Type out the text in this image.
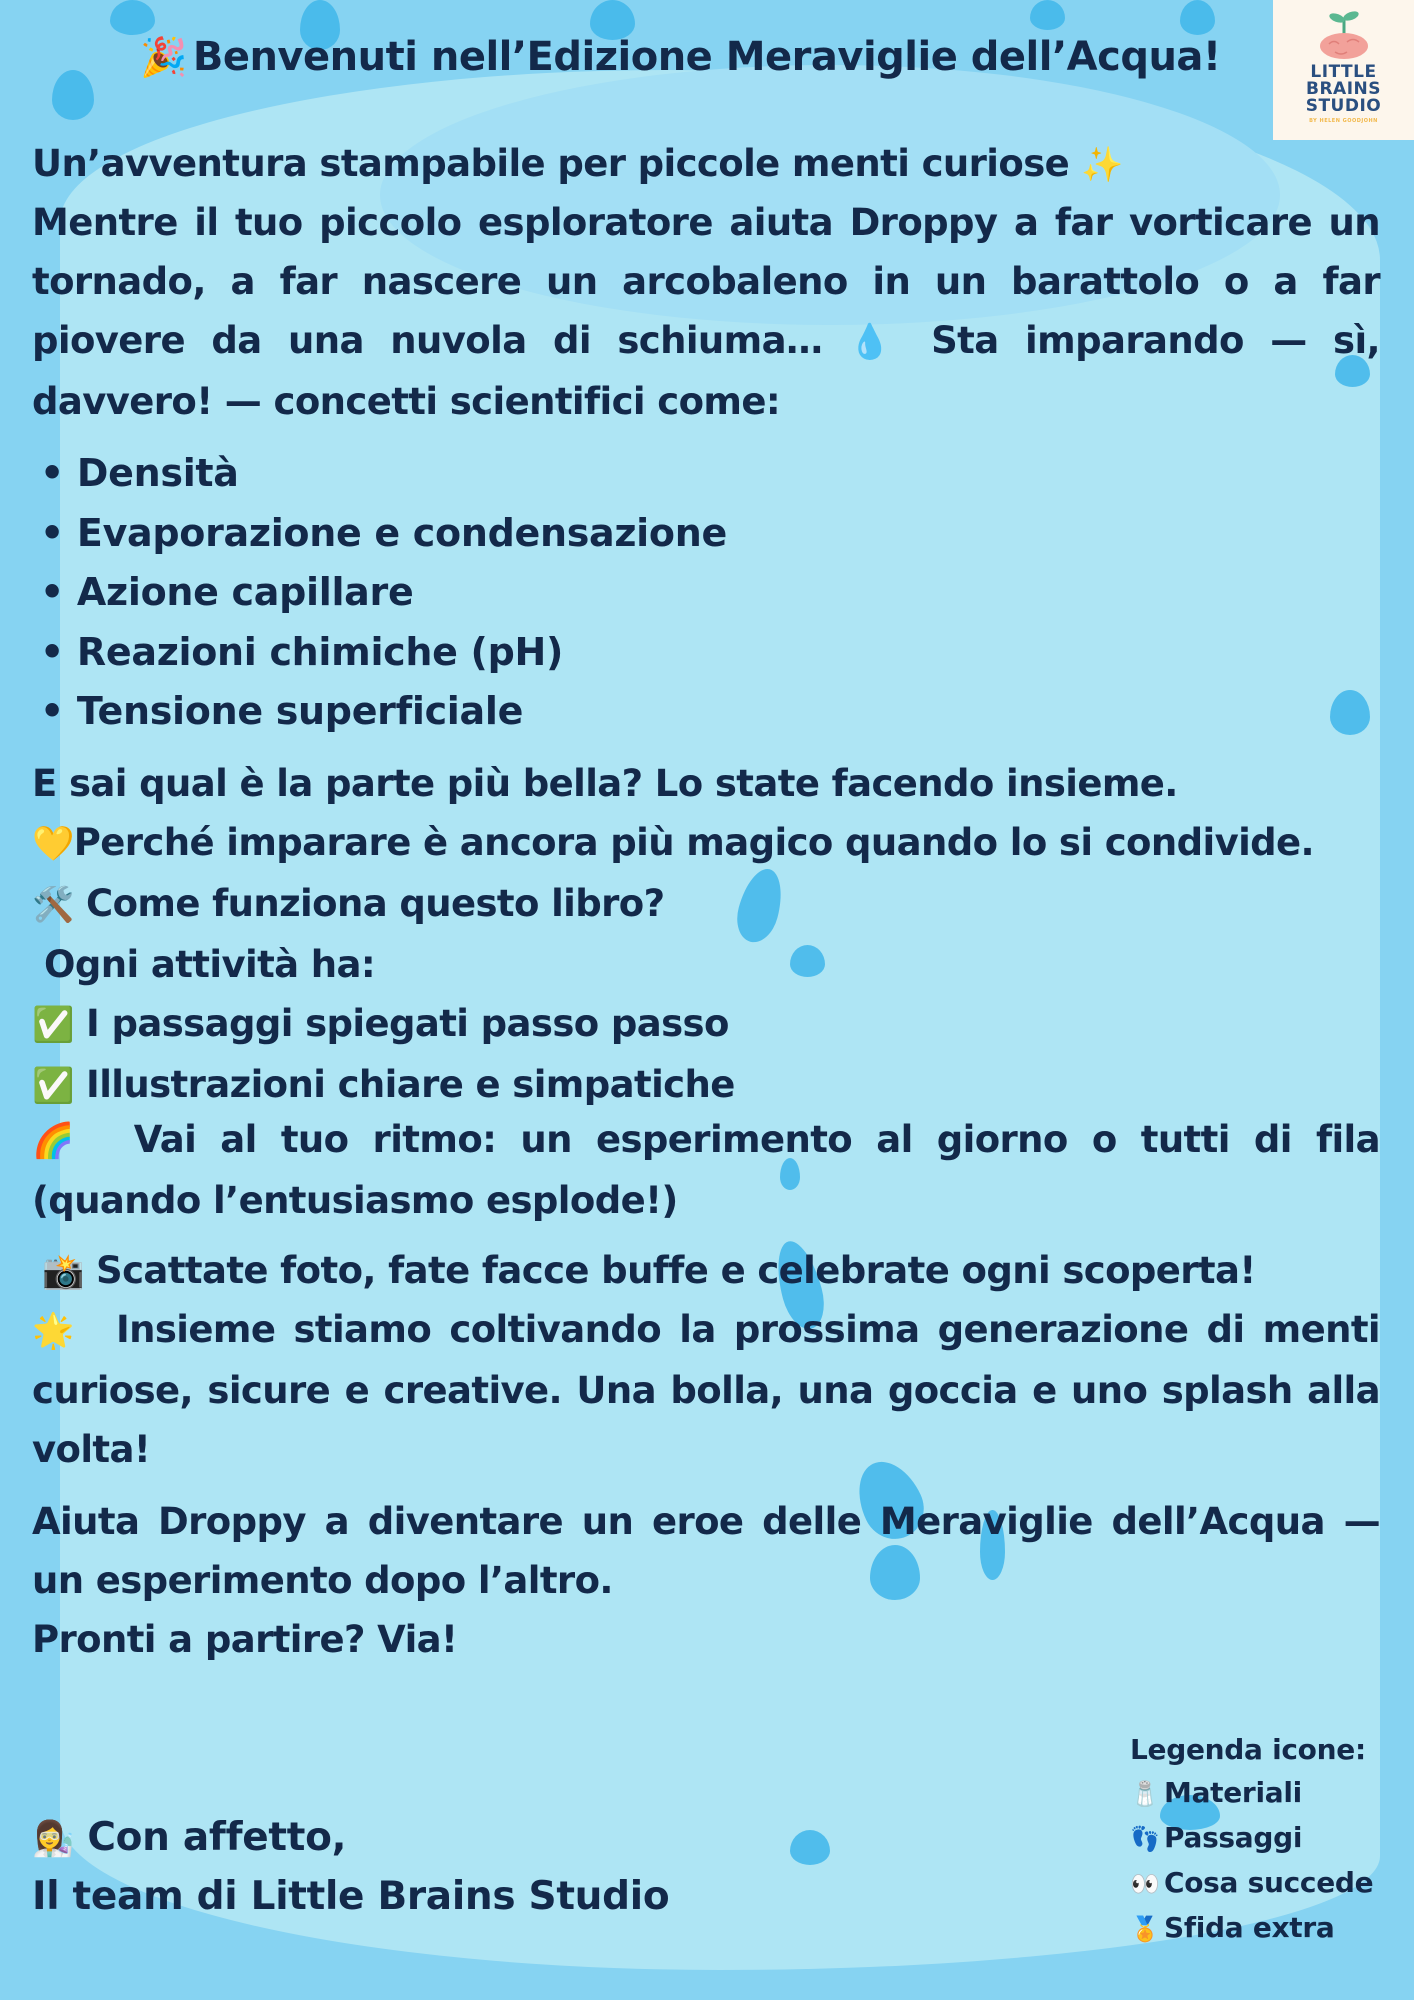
LITTLE
BRAINS
STUDIO
BY HELEN GOODJOHN
🎉 Benvenuti nell’Edizione Meraviglie dell’Acqua!
Un’avventura stampabile per piccole menti curiose ✨
Mentre il tuo piccolo esploratore aiuta Droppy a far vorticare un tornado, a far nascere un arcobaleno in un barattolo o a far piovere da una nuvola di schiuma… 💧 Sta imparando — sì, davvero! — concetti scientifici come:
• Densità
• Evaporazione e condensazione
• Azione capillare
• Reazioni chimiche (pH)
• Tensione superficiale
E sai qual è la parte più bella? Lo state facendo insieme.
💛Perché imparare è ancora più magico quando lo si condivide.
🛠️ Come funziona questo libro?
Ogni attività ha:
✅ I passaggi spiegati passo passo
✅ Illustrazioni chiare e simpatiche
🌈 Vai al tuo ritmo: un esperimento al giorno o tutti di fila (quando l’entusiasmo esplode!)
📸 Scattate foto, fate facce buffe e celebrate ogni scoperta!
🌟 Insieme stiamo coltivando la prossima generazione di menti curiose, sicure e creative. Una bolla, una goccia e uno splash alla volta!
Aiuta Droppy a diventare un eroe delle Meraviglie dell’Acqua — un esperimento dopo l’altro.
Pronti a partire? Via!
👩‍🔬 Con affetto,
Il team di Little Brains Studio
Legenda icone:
🧂 Materiali
👣 Passaggi
👀 Cosa succede
🏅 Sfida extra
